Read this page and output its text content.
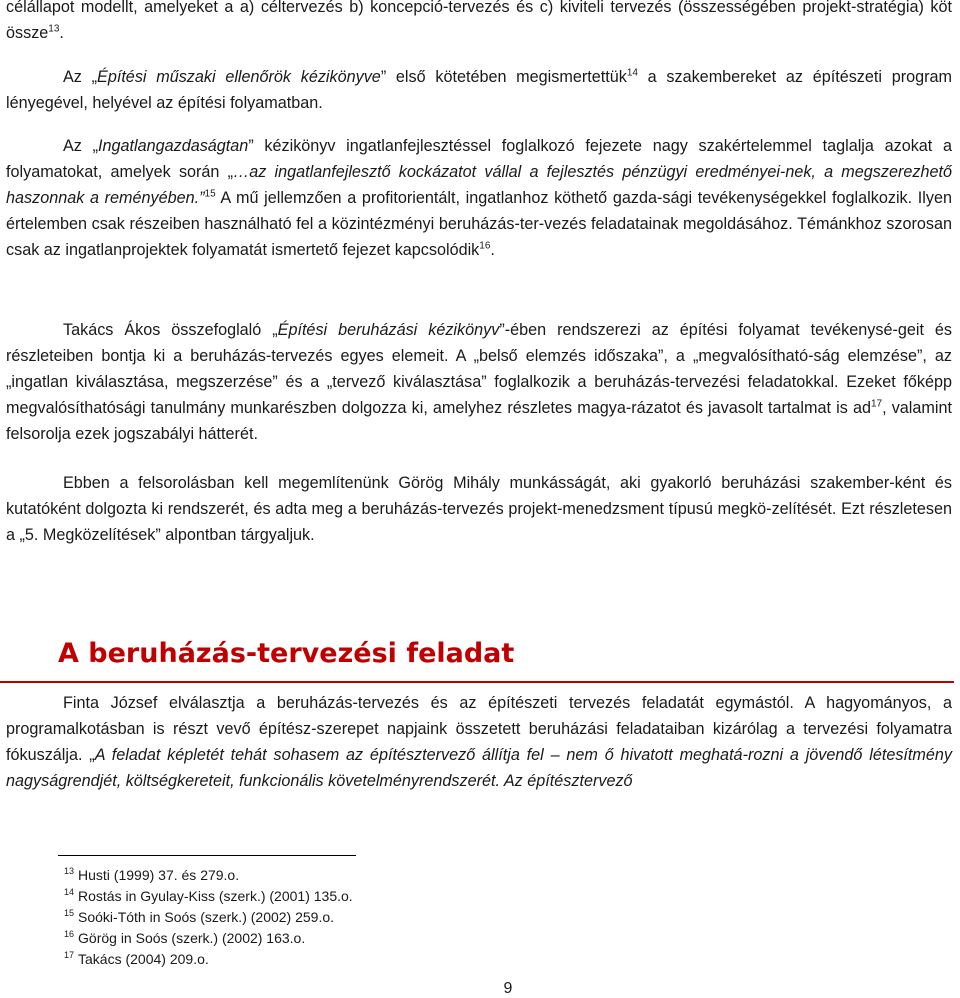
célállapot modellt, amelyeket a a) céltervezés b) koncepció-tervezés és c) kiviteli tervezés (összességében projekt-stratégia) köt össze$^{13}$.

Az „Építési műszaki ellenőrök kézikönyve” első kötetében megismertettük$^{14}$ a szakembereket az építészeti program lényegével, helyével az építési folyamatban.

Az „Ingatlangazdaságtan” kézikönyv ingatlanfejlesztéssel foglalkozó fejezete nagy szakértelemmel taglalja azokat a folyamatokat, amelyek során „…az ingatlanfejlesztő kockázatot vállal a fejlesztés pénzügyi eredményei-nek, a megszerezhető haszonnak a reményében.”$^{15}$ A mű jellemzően a profitorientált, ingatlanhoz köthető gazda-sági tevékenységekkel foglalkozik. Ilyen értelemben csak részeiben használható fel a közintézményi beruházás-ter-vezés feladatainak megoldásához. Témánkhoz szorosan csak az ingatlanprojektek folyamatát ismertető fejezet kapcsolódik$^{16}$.

Takács Ákos összefoglaló „Építési beruházási kézikönyv”-ében rendszerezi az építési folyamat tevékenysé-geit és részleteiben bontja ki a beruházás-tervezés egyes elemeit. A „belső elemzés időszaka”, a „megvalósítható-ság elemzése”, az „ingatlan kiválasztása, megszerzése” és a „tervező kiválasztása” foglalkozik a beruházás-tervezési feladatokkal. Ezeket főképp megvalósíthatósági tanulmány munkarészben dolgozza ki, amelyhez részletes magya-rázatot és javasolt tartalmat is $ad^{17}$, valamint felsorolja ezek jogszabályi hátterét.

Ebben a felsorolásban kell megemlítenünk Görög Mihály munkásságát, aki gyakorló beruházási szakember-ként és kutatóként dolgozta ki rendszerét, és adta meg a beruházás-tervezés projekt-menedzsment típusú megkö-zelítését. Ezt részletesen a „5. Megközelítések” alpontban tárgyaljuk.

Finta József elválasztja a beruházás-tervezés és az építészeti tervezés feladatát egymástól. A hagyományos, a programalkotásban is részt vevő építész-szerepet napjaink összetett beruházási feladataiban kizárólag a tervezési folyamatra fókuszálja. „A feladat képletét tehát sohasem az építésztervező állítja fel – nem ő hivatott meghatá-rozni a jövendő létesítmény nagyságrendjét, költségkereteit, funkcionális követelményrendszerét. Az építésztervező

A beruházás-tervezési feladat
$^{13}$ Husti (1999) 37. és 279.o.
$^{14}$ Rostás in Gyulay-Kiss (szerk.) (2001) 135.o.
$^{15}$ Soóki-Tóth in Soós (szerk.) (2002) 259.o.
$^{16}$ Görög in Soós (szerk.) (2002) 163.o.
$^{17}$ Takács (2004) 209.o.
9
